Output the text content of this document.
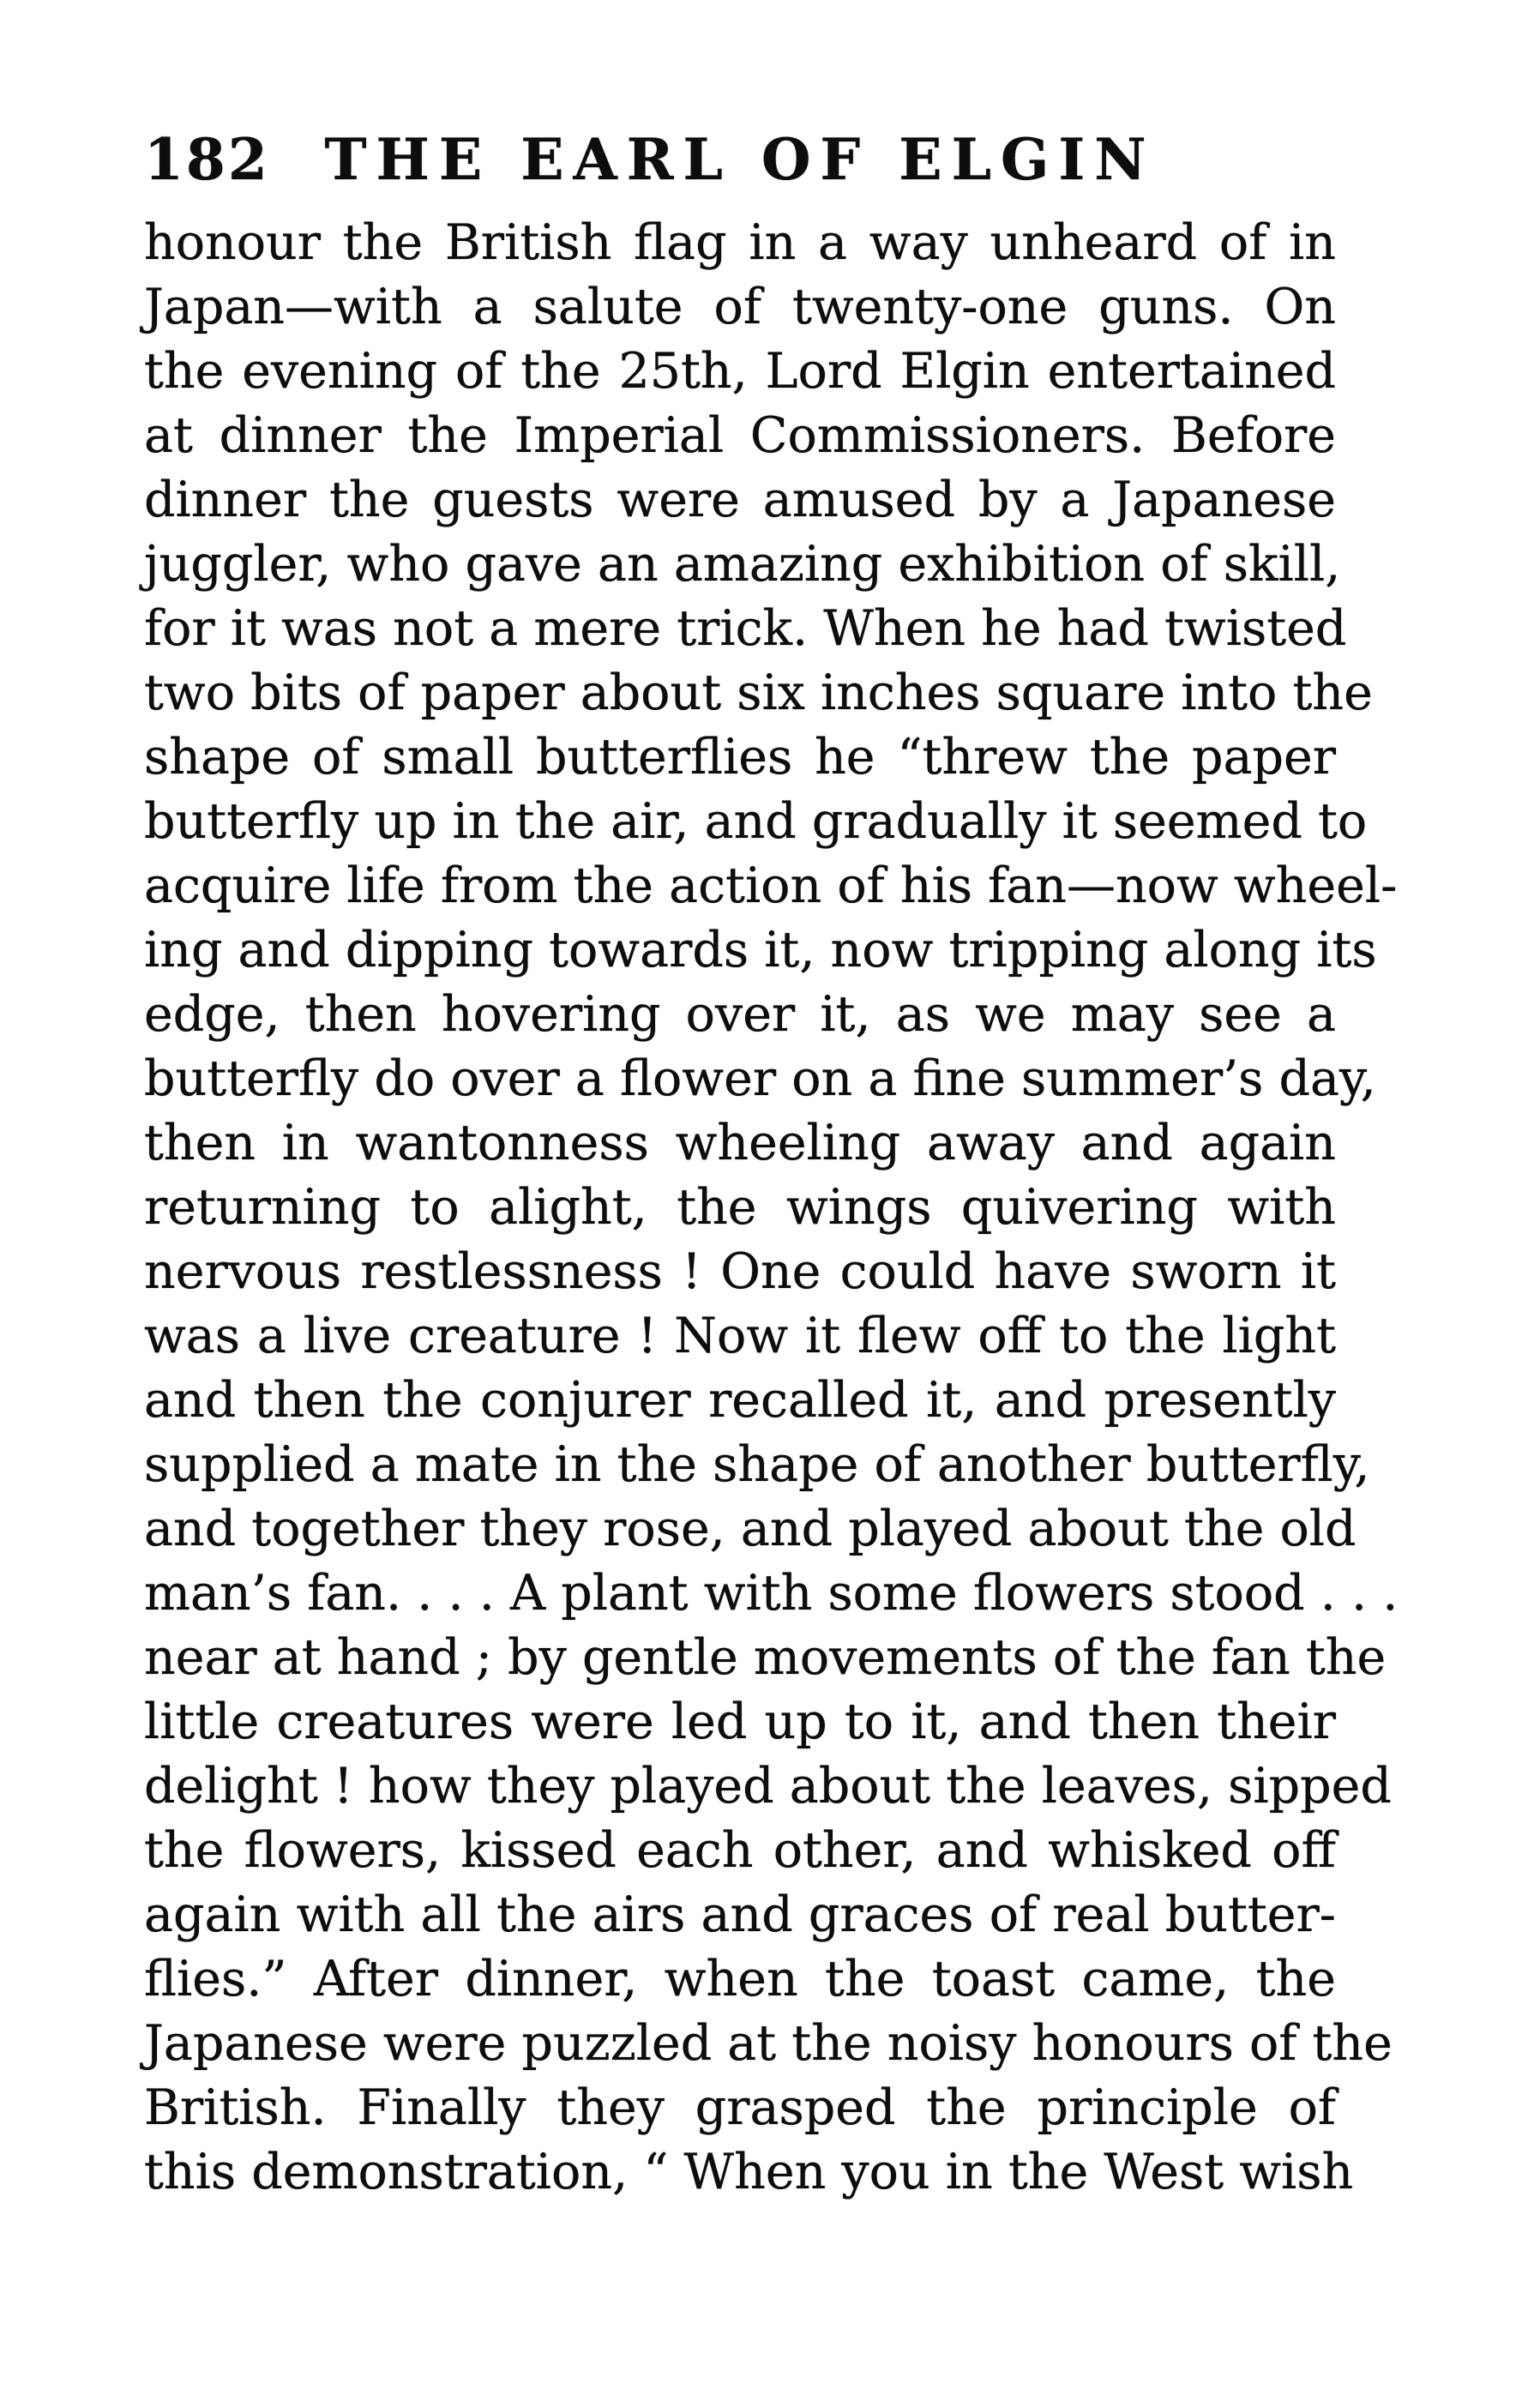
182 THE EARL OF ELGIN
honour the British flag in a way unheard of in
Japan—with a salute of twenty-one guns. On
the evening of the 25th, Lord Elgin entertained
at dinner the Imperial Commissioners. Before
dinner the guests were amused by a Japanese
juggler, who gave an amazing exhibition of skill,
for it was not a mere trick. When he had twisted
two bits of paper about six inches square into the
shape of small butterflies he “threw the paper
butterfly up in the air, and gradually it seemed to
acquire life from the action of his fan—now wheel-
ing and dipping towards it, now tripping along its
edge, then hovering over it, as we may see a
butterfly do over a flower on a fine summer’s day,
then in wantonness wheeling away and again
returning to alight, the wings quivering with
nervous restlessness ! One could have sworn it
was a live creature ! Now it flew off to the light
and then the conjurer recalled it, and presently
supplied a mate in the shape of another butterfly,
and together they rose, and played about the old
man’s fan. . . . A plant with some flowers stood . . .
near at hand ; by gentle movements of the fan the
little creatures were led up to it, and then their
delight ! how they played about the leaves, sipped
the flowers, kissed each other, and whisked off
again with all the airs and graces of real butter-
flies.” After dinner, when the toast came, the
Japanese were puzzled at the noisy honours of the
British. Finally they grasped the principle of
this demonstration, “ When you in the West wish
